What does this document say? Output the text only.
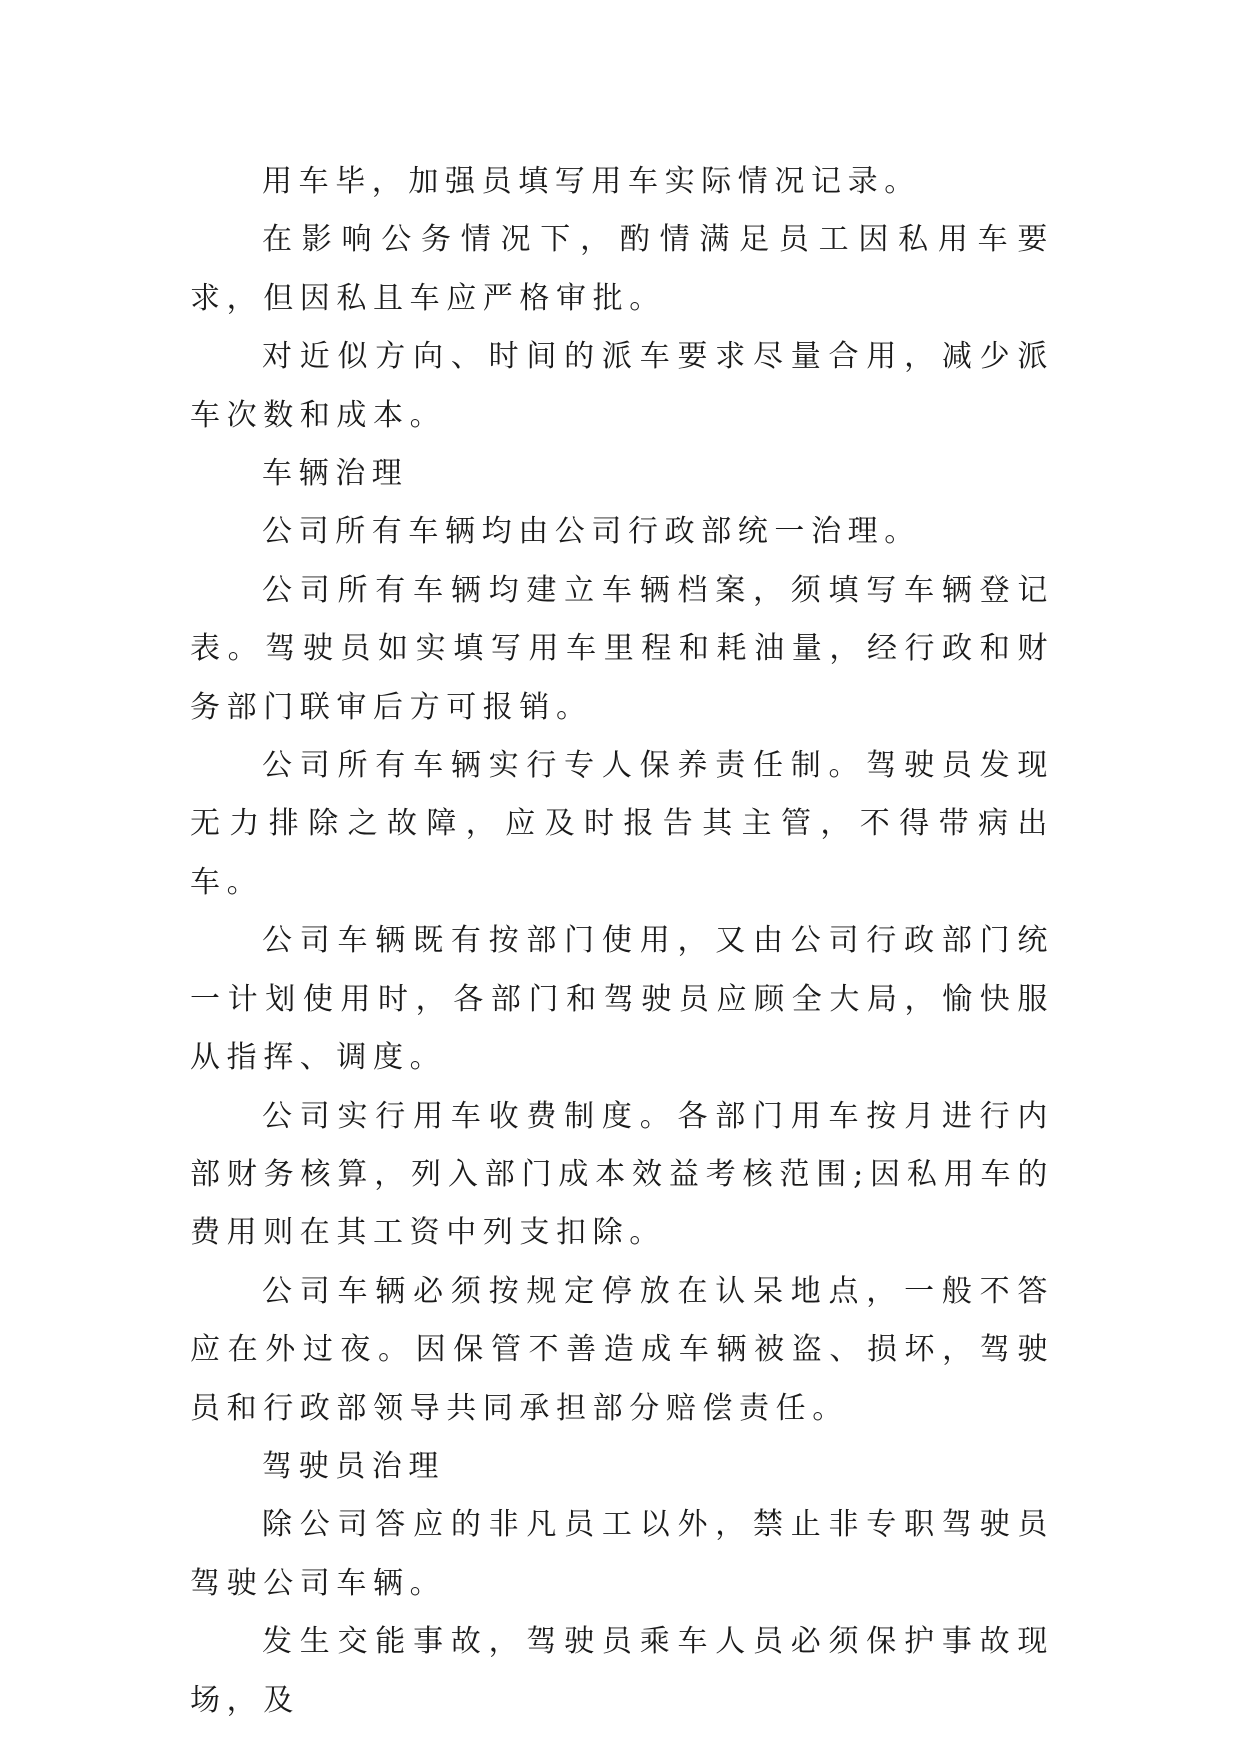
用车毕，加强员填写用车实际情况记录。

在影响公务情况下，酌情满足员工因私用车要求，但因私且车应严格审批。

对近似方向、时间的派车要求尽量合用，减少派车次数和成本。

车辆治理

公司所有车辆均由公司行政部统一治理。

公司所有车辆均建立车辆档案，须填写车辆登记表。驾驶员如实填写用车里程和耗油量，经行政和财务部门联审后方可报销。

公司所有车辆实行专人保养责任制。驾驶员发现无力排除之故障，应及时报告其主管，不得带病出车。

公司车辆既有按部门使用，又由公司行政部门统一计划使用时，各部门和驾驶员应顾全大局，愉快服从指挥、调度。

公司实行用车收费制度。各部门用车按月进行内部财务核算，列入部门成本效益考核范围;因私用车的费用则在其工资中列支扣除。

公司车辆必须按规定停放在认呆地点，一般不答应在外过夜。因保管不善造成车辆被盗、损坏，驾驶员和行政部领导共同承担部分赔偿责任。

驾驶员治理

除公司答应的非凡员工以外，禁止非专职驾驶员驾驶公司车辆。

发生交能事故，驾驶员乘车人员必须保护事故现场，及
